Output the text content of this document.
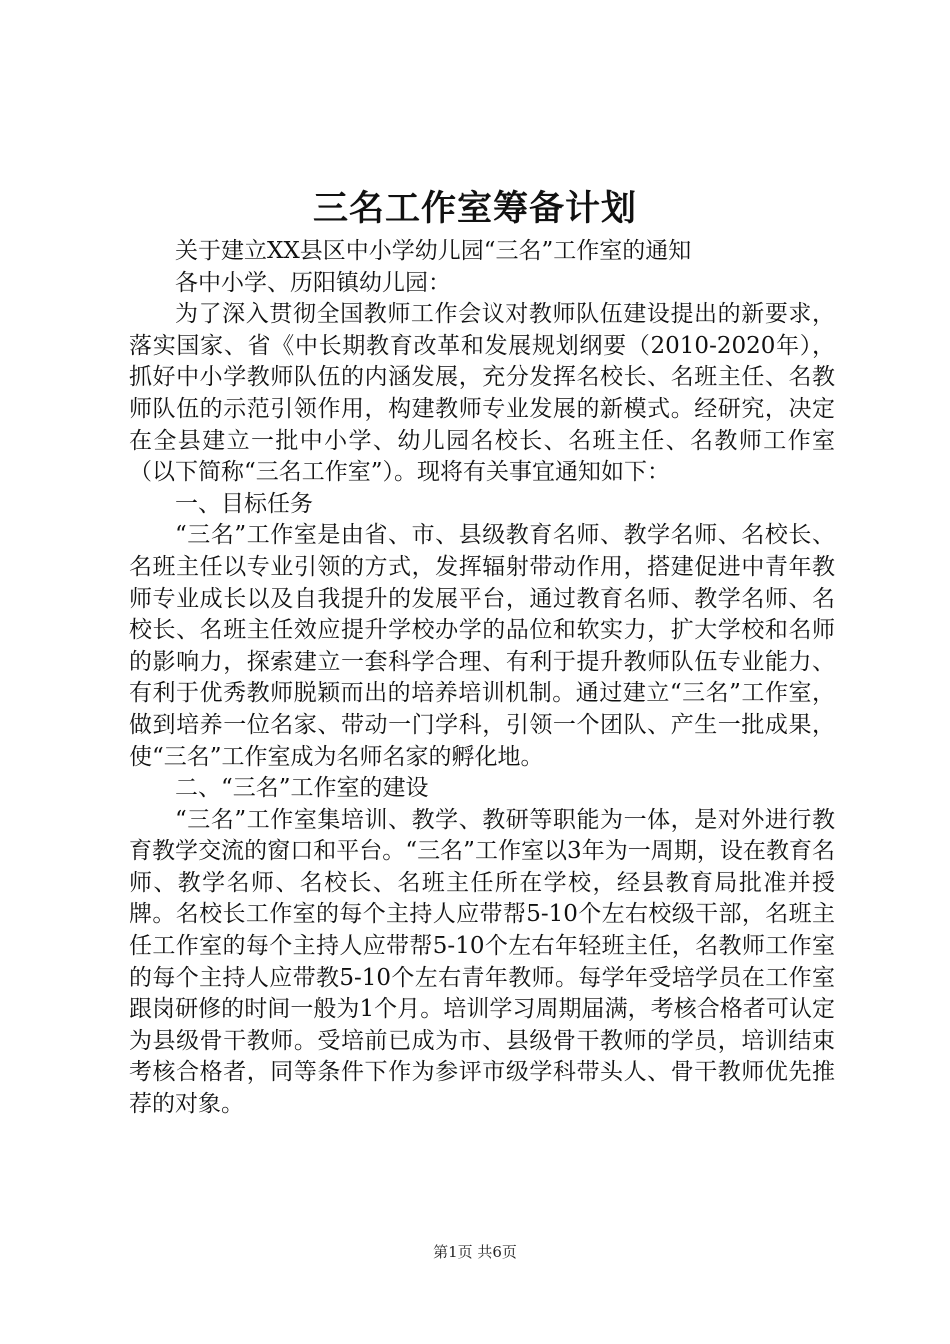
三名工作室筹备计划

关于建立XX县区中小学幼儿园“三名”工作室的通知

各中小学、历阳镇幼儿园：

为了深入贯彻全国教师工作会议对教师队伍建设提出的新要求，落实国家、省《中长期教育改革和发展规划纲要（2010-2020年），抓好中小学教师队伍的内涵发展，充分发挥名校长、名班主任、名教师队伍的示范引领作用，构建教师专业发展的新模式。经研究，决定在全县建立一批中小学、幼儿园名校长、名班主任、名教师工作室（以下简称“三名工作室”）。现将有关事宜通知如下：

一、目标任务

“三名”工作室是由省、市、县级教育名师、教学名师、名校长、名班主任以专业引领的方式，发挥辐射带动作用，搭建促进中青年教师专业成长以及自我提升的发展平台，通过教育名师、教学名师、名校长、名班主任效应提升学校办学的品位和软实力，扩大学校和名师的影响力，探索建立一套科学合理、有利于提升教师队伍专业能力、有利于优秀教师脱颖而出的培养培训机制。通过建立“三名”工作室，做到培养一位名家、带动一门学科，引领一个团队、产生一批成果，使“三名”工作室成为名师名家的孵化地。

二、“三名”工作室的建设

“三名”工作室集培训、教学、教研等职能为一体，是对外进行教育教学交流的窗口和平台。“三名”工作室以3年为一周期，设在教育名师、教学名师、名校长、名班主任所在学校，经县教育局批准并授牌。名校长工作室的每个主持人应带帮5-10个左右校级干部，名班主任工作室的每个主持人应带帮5-10个左右年轻班主任，名教师工作室的每个主持人应带教5-10个左右青年教师。每学年受培学员在工作室跟岗研修的时间一般为1个月。培训学习周期届满，考核合格者可认定为县级骨干教师。受培前已成为市、县级骨干教师的学员，培训结束考核合格者，同等条件下作为参评市级学科带头人、骨干教师优先推荐的对象。

第1页 共6页
